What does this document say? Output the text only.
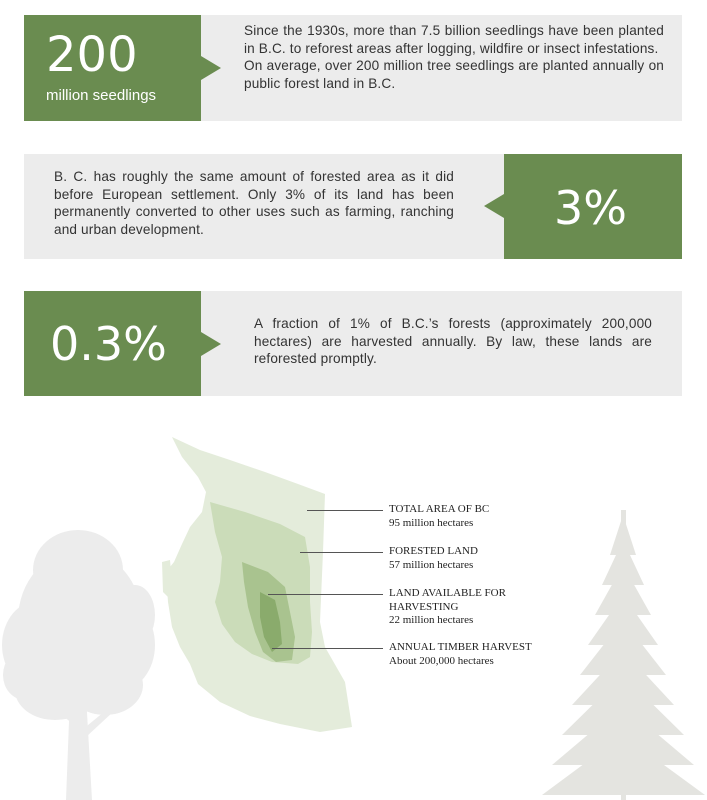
200
million seedlings

Since the 1930s, more than 7.5 billion seedlings have been planted in B.C. to reforest areas after logging, wildfire or insect infestations.

On average, over 200 million tree seedlings are planted annually on public forest land in B.C.

3%

B. C. has roughly the same amount of forested area as it did before European settlement. Only 3% of its land has been permanently converted to other uses such as farming, ranching and urban development.

0.3%	A fraction of 1% of B.C.’s forests (approximately 200,000 hectares) are harvested annually. By law, these lands are reforested promptly.

TOTAL AREA OF BC
95 million hectares
FORESTED LAND
57 million hectares
LAND AVAILABLE FOR HARVESTING
22 million hectares
ANNUAL TIMBER HARVEST
About 200,000 hectares
